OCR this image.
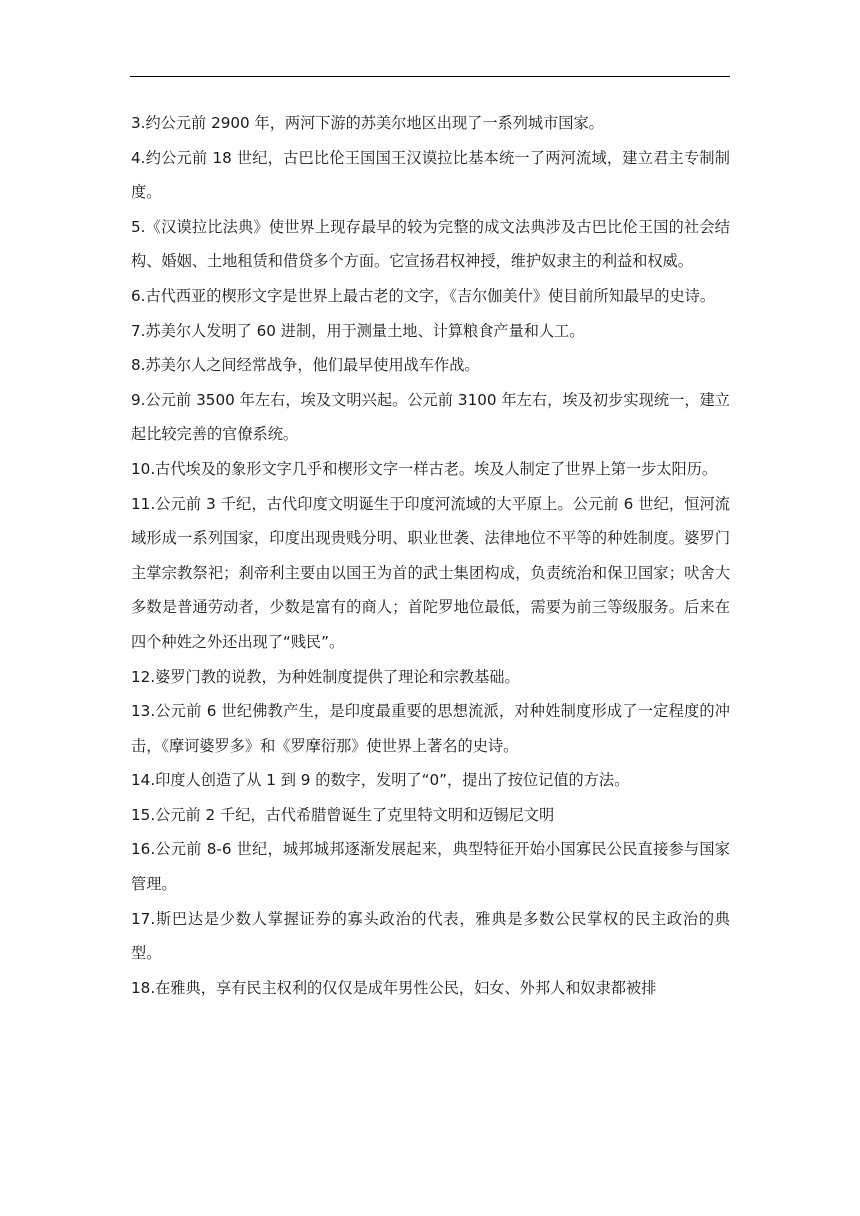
3.约公元前 2900 年，两河下游的苏美尔地区出现了一系列城市国家。

4.约公元前 18 世纪，古巴比伦王国国王汉谟拉比基本统一了两河流域，建立君主专制制度。

5.《汉谟拉比法典》使世界上现存最早的较为完整的成文法典涉及古巴比伦王国的社会结构、婚姻、土地租赁和借贷多个方面。它宣扬君权神授，维护奴隶主的利益和权威。

6.古代西亚的楔形文字是世界上最古老的文字，《吉尔伽美什》使目前所知最早的史诗。

7.苏美尔人发明了 60 进制，用于测量土地、计算粮食产量和人工。

8.苏美尔人之间经常战争，他们最早使用战车作战。

9.公元前 3500 年左右，埃及文明兴起。公元前 3100 年左右，埃及初步实现统一，建立起比较完善的官僚系统。

10.古代埃及的象形文字几乎和楔形文字一样古老。埃及人制定了世界上第一步太阳历。

11.公元前 3 千纪，古代印度文明诞生于印度河流域的大平原上。公元前 6 世纪，恒河流域形成一系列国家，印度出现贵贱分明、职业世袭、法律地位不平等的种姓制度。婆罗门主掌宗教祭祀；刹帝利主要由以国王为首的武士集团构成，负责统治和保卫国家；吠舍大多数是普通劳动者，少数是富有的商人；首陀罗地位最低，需要为前三等级服务。后来在四个种姓之外还出现了“贱民”。

12.婆罗门教的说教，为种姓制度提供了理论和宗教基础。

13.公元前 6 世纪佛教产生，是印度最重要的思想流派，对种姓制度形成了一定程度的冲击，《摩诃婆罗多》和《罗摩衍那》使世界上著名的史诗。

14.印度人创造了从 1 到 9 的数字，发明了“0”，提出了按位记值的方法。

15.公元前 2 千纪，古代希腊曾诞生了克里特文明和迈锡尼文明

16.公元前 8-6 世纪，城邦城邦逐渐发展起来，典型特征开始小国寡民公民直接参与国家管理。

17.斯巴达是少数人掌握证券的寡头政治的代表，雅典是多数公民掌权的民主政治的典型。

18.在雅典，享有民主权利的仅仅是成年男性公民，妇女、外邦人和奴隶都被排
